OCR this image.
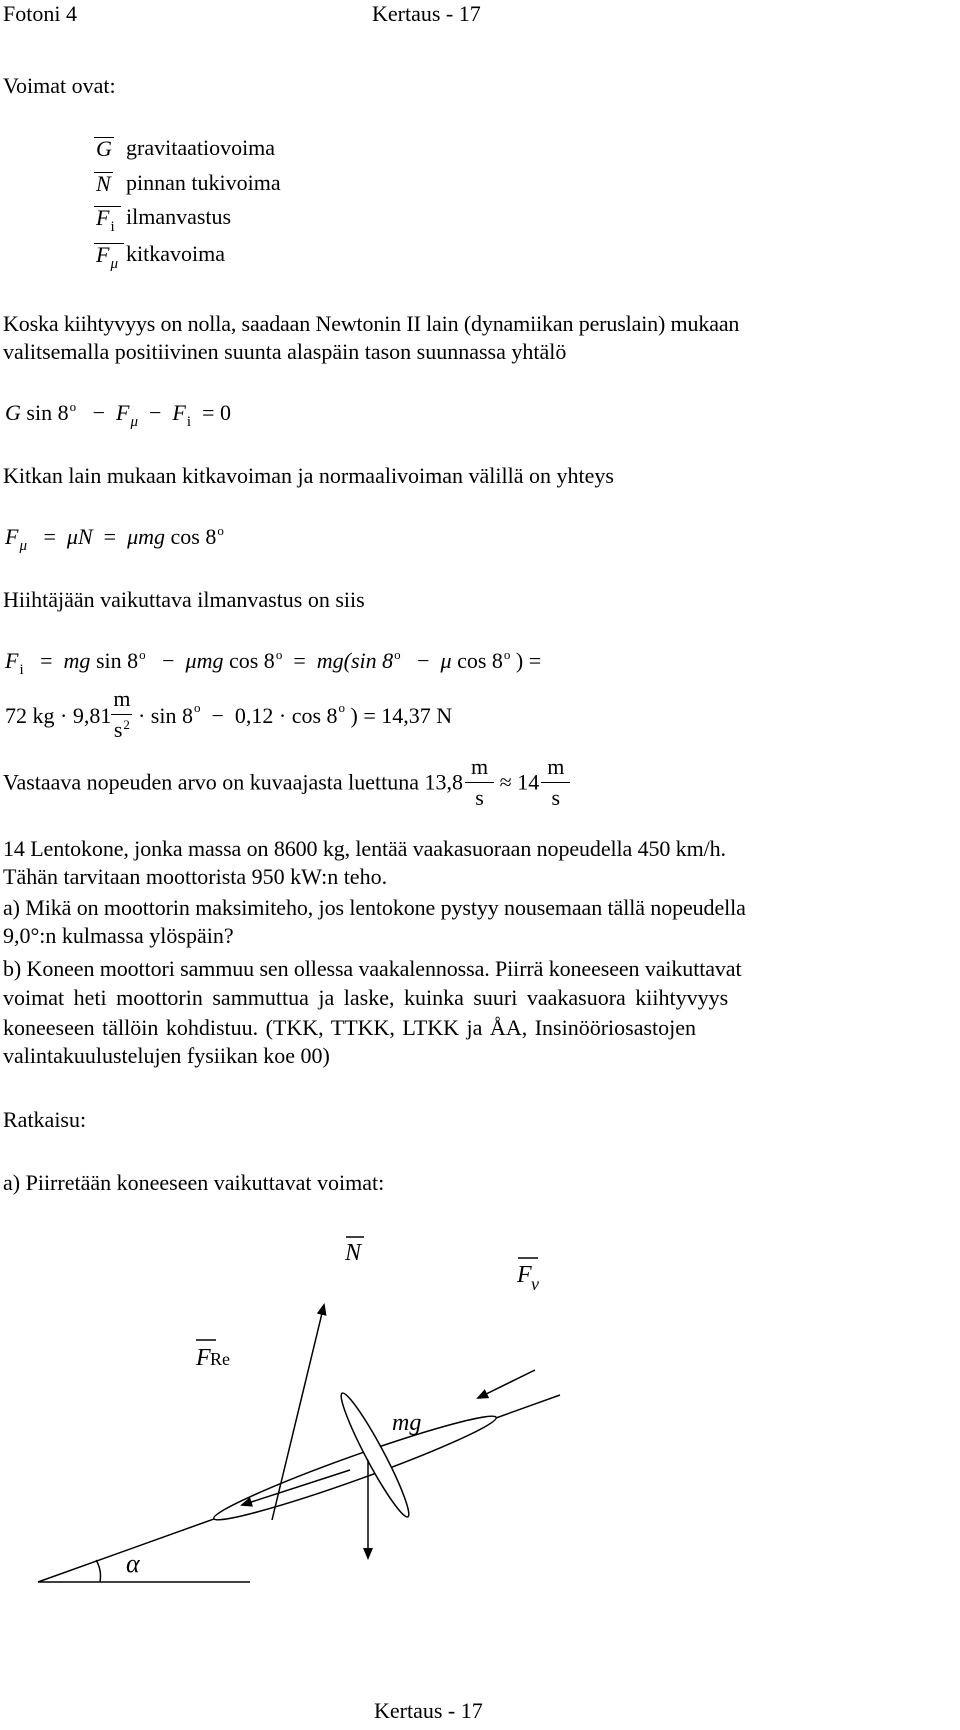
Fotoni 4	Kertaus - 17
Voimat ovat:
G gravitaatiovoima
N pinnan tukivoima
$F_i$ ilmanvastus
$F_\mu$ kitkavoima
Koska kiihtyvyys on nolla, saadaan Newtonin II lain (dynamiikan peruslain) mukaan
valitsemalla positiivinen suunta alaspäin tason suunnassa yhtälö
G $\sin 8^o - F_\mu - F_i = 0$
Kitkan lain mukaan kitkavoiman ja normaalivoiman välillä on yhteys
$F_\mu = \mu N = \mu mg$ cos 8$^o$
Hiihtäjään vaikuttava ilmanvastus on siis
$F_i$ = mg $\sin 8^o - \mu mg$ $\cos 8^o = mg(\sin$ $8^o - \mu$ cos 8$^o$ ) =
72 kg · $9,81 \frac{m}{s^2} \cdot \sin 8^o - 0,12 \cdot \cos 8^o$ ) = 14,37 N
Vastaava nopeuden arvo on kuvaajasta luettuna $13,8 \frac{m}{s} \approx 14 \frac{m}{s}$
14 Lentokone, jonka massa on 8600 kg, lentää vaakasuoraan nopeudella 450 km/h.
Tähän tarvitaan moottorista 950 kW:n teho.
a) Mikä on moottorin maksimiteho, jos lentokone pystyy nousemaan tällä nopeudella
9,0°:n kulmassa ylöspäin?
b) Koneen moottori sammuu sen ollessa vaakalennossa. Piirrä koneeseen vaikuttavat
voimat heti moottorin sammuttua ja laske, kuinka suuri vaakasuora kiihtyvyys
koneeseen tällöin kohdistuu. (TKK, TTKK, LTKK ja ÅA, Insinööriosastojen
valintakuulustelujen fysiikan koe 00)
Ratkaisu:
a) Piirretään koneeseen vaikuttavat voimat:
N
F v
F Re
mg
α
Kertaus - 17
